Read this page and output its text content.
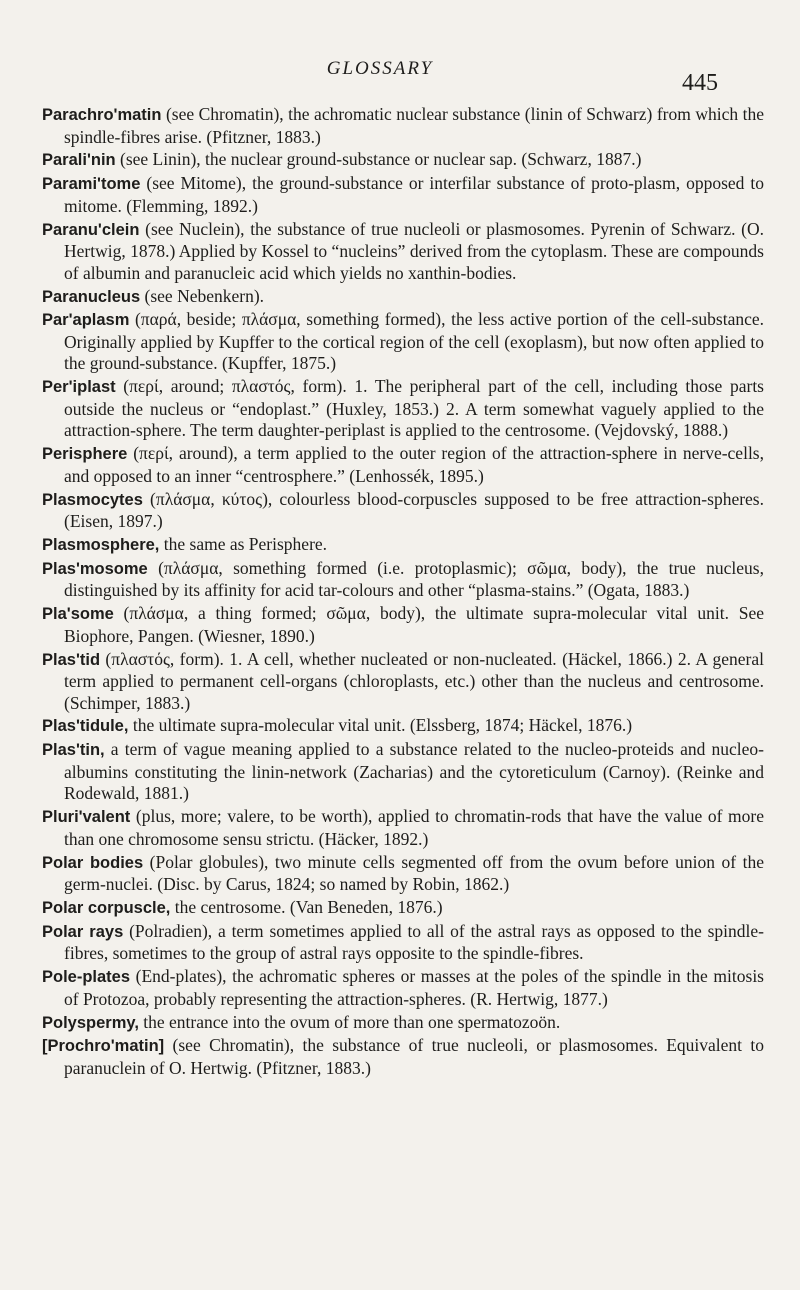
GLOSSARY
445

Parachro'matin (see Chromatin), the achromatic nuclear substance (linin of Schwarz) from which the spindle-fibres arise. (Pfitzner, 1883.)

Parali'nin (see Linin), the nuclear ground-substance or nuclear sap. (Schwarz, 1887.)

Parami'tome (see Mitome), the ground-substance or interfilar substance of proto-plasm, opposed to mitome. (Flemming, 1892.)

Paranu'clein (see Nuclein), the substance of true nucleoli or plasmosomes. Pyrenin of Schwarz. (O. Hertwig, 1878.) Applied by Kossel to “nucleins” derived from the cytoplasm. These are compounds of albumin and paranucleic acid which yields no xanthin-bodies.

Paranucleus (see Nebenkern).

Par'aplasm (παρά, beside; πλάσμα, something formed), the less active portion of the cell-substance. Originally applied by Kupffer to the cortical region of the cell (exoplasm), but now often applied to the ground-substance. (Kupffer, 1875.)

Per'iplast (περί, around; πλαστός, form). 1. The peripheral part of the cell, including those parts outside the nucleus or “endoplast.” (Huxley, 1853.) 2. A term somewhat vaguely applied to the attraction-sphere. The term daughter-periplast is applied to the centrosome. (Vejdovský, 1888.)

Perisphere (περί, around), a term applied to the outer region of the attraction-sphere in nerve-cells, and opposed to an inner “centrosphere.” (Lenhossék, 1895.)

Plasmocytes (πλάσμα, κύτος), colourless blood-corpuscles supposed to be free attraction-spheres. (Eisen, 1897.)

Plasmosphere, the same as Perisphere.

Plas'mosome (πλάσμα, something formed (i.e. protoplasmic); σῶμα, body), the true nucleus, distinguished by its affinity for acid tar-colours and other “plasma-stains.” (Ogata, 1883.)

Pla'some (πλάσμα, a thing formed; σῶμα, body), the ultimate supra-molecular vital unit. See Biophore, Pangen. (Wiesner, 1890.)

Plas'tid (πλαστός, form). 1. A cell, whether nucleated or non-nucleated. (Häckel, 1866.) 2. A general term applied to permanent cell-organs (chloroplasts, etc.) other than the nucleus and centrosome. (Schimper, 1883.)

Plas'tidule, the ultimate supra-molecular vital unit. (Elssberg, 1874; Häckel, 1876.)

Plas'tin, a term of vague meaning applied to a substance related to the nucleo-proteids and nucleo-albumins constituting the linin-network (Zacharias) and the cytoreticulum (Carnoy). (Reinke and Rodewald, 1881.)

Pluri'valent (plus, more; valere, to be worth), applied to chromatin-rods that have the value of more than one chromosome sensu strictu. (Häcker, 1892.)

Polar bodies (Polar globules), two minute cells segmented off from the ovum before union of the germ-nuclei. (Disc. by Carus, 1824; so named by Robin, 1862.)

Polar corpuscle, the centrosome. (Van Beneden, 1876.)

Polar rays (Polradien), a term sometimes applied to all of the astral rays as opposed to the spindle-fibres, sometimes to the group of astral rays opposite to the spindle-fibres.

Pole-plates (End-plates), the achromatic spheres or masses at the poles of the spindle in the mitosis of Protozoa, probably representing the attraction-spheres. (R. Hertwig, 1877.)

Polyspermy, the entrance into the ovum of more than one spermatozoön.

[Prochro'matin] (see Chromatin), the substance of true nucleoli, or plasmosomes. Equivalent to paranuclein of O. Hertwig. (Pfitzner, 1883.)
